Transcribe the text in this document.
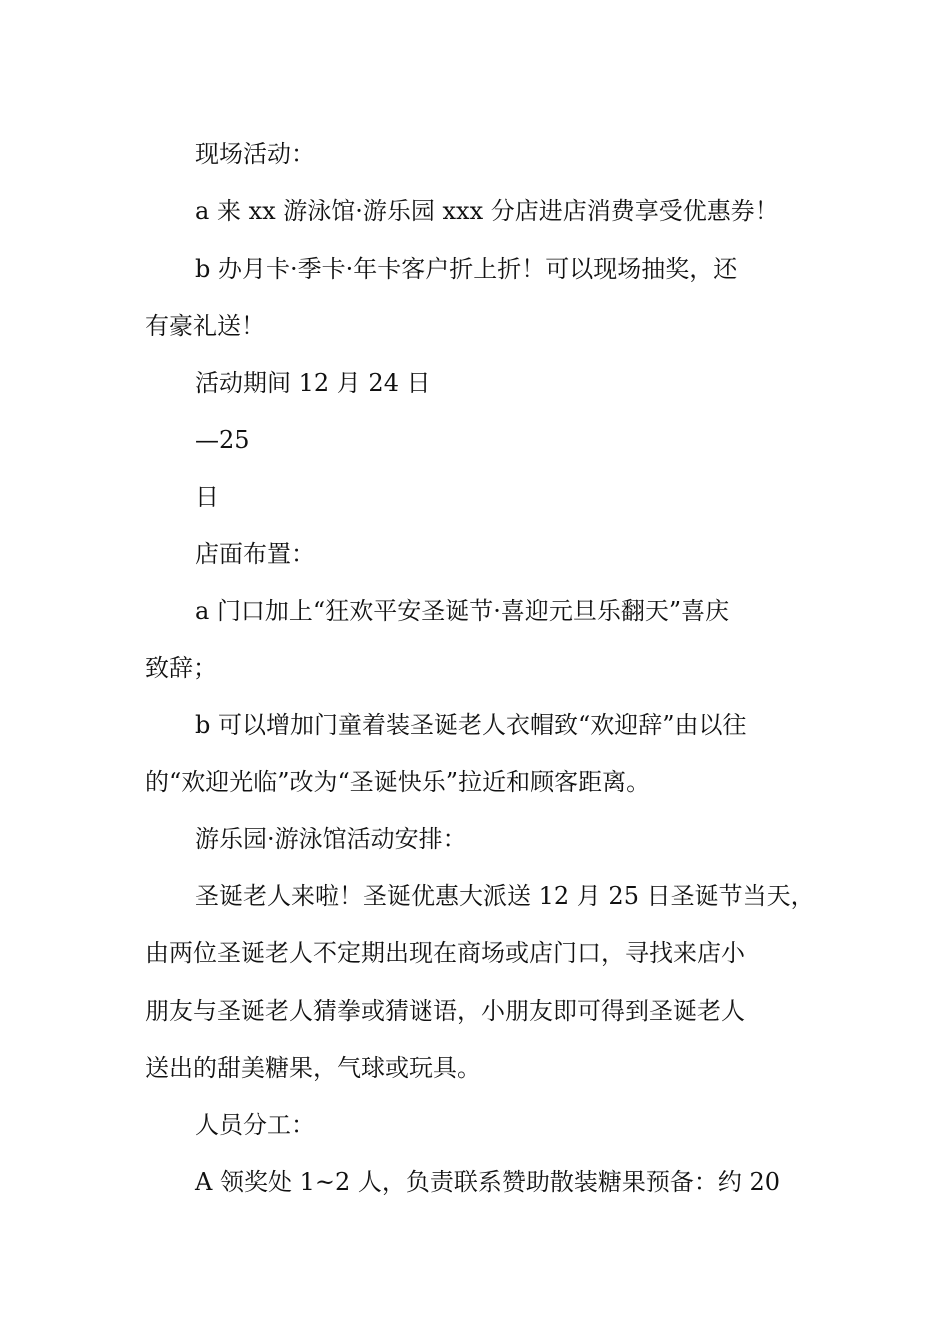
现场活动：
a 来 xx 游泳馆·游乐园 xxx 分店进店消费享受优惠券！
b 办月卡·季卡·年卡客户折上折！可以现场抽奖，还
有豪礼送！
活动期间 12 月 24 日
—25
日
店面布置：
a 门口加上“狂欢平安圣诞节·喜迎元旦乐翻天”喜庆
致辞；
b 可以增加门童着装圣诞老人衣帽致“欢迎辞”由以往
的“欢迎光临”改为“圣诞快乐”拉近和顾客距离。
游乐园·游泳馆活动安排：
圣诞老人来啦！圣诞优惠大派送 12 月 25 日圣诞节当天，
由两位圣诞老人不定期出现在商场或店门口，寻找来店小
朋友与圣诞老人猜拳或猜谜语，小朋友即可得到圣诞老人
送出的甜美糖果，气球或玩具。
人员分工：
A 领奖处 1~2 人，负责联系赞助散装糖果预备：约 20
